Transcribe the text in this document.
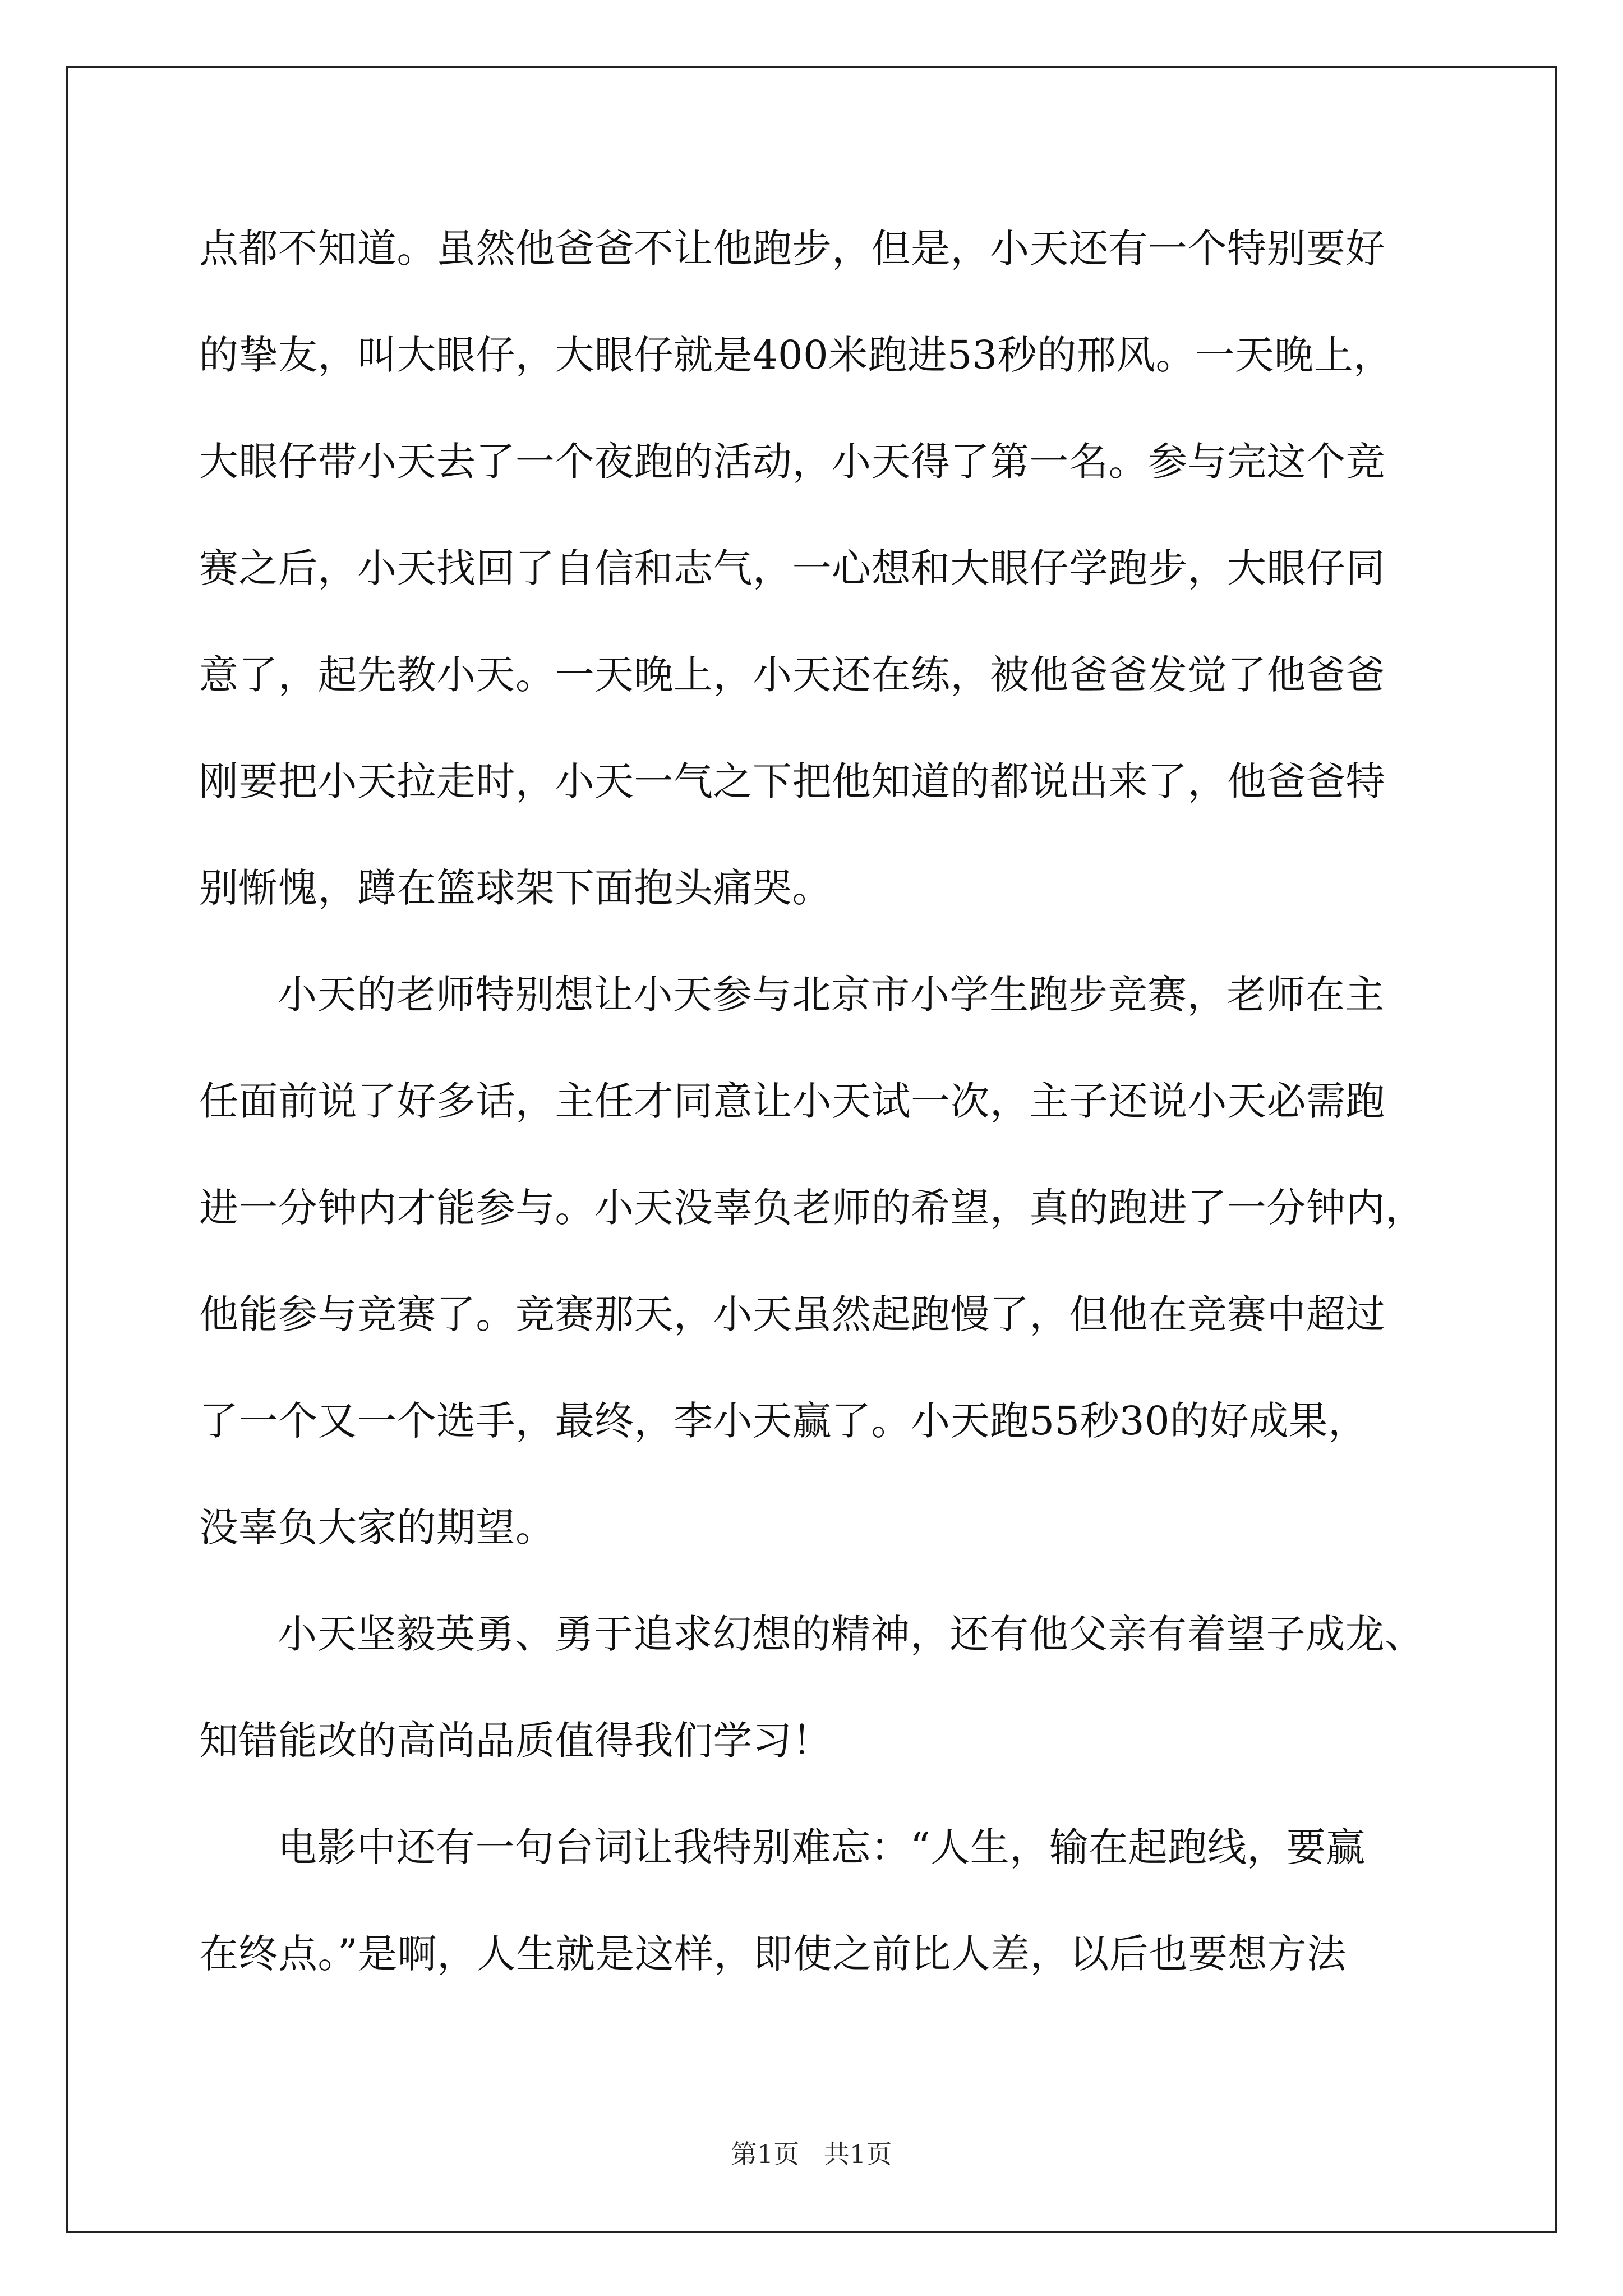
点都不知道。虽然他爸爸不让他跑步，但是，小天还有一个特别要好
的挚友，叫大眼仔，大眼仔就是400米跑进53秒的邢风。一天晚上，
大眼仔带小天去了一个夜跑的活动，小天得了第一名。参与完这个竞
赛之后，小天找回了自信和志气，一心想和大眼仔学跑步，大眼仔同
意了，起先教小天。一天晚上，小天还在练，被他爸爸发觉了他爸爸
刚要把小天拉走时，小天一气之下把他知道的都说出来了，他爸爸特
别惭愧，蹲在篮球架下面抱头痛哭。
小天的老师特别想让小天参与北京市小学生跑步竞赛，老师在主
任面前说了好多话，主任才同意让小天试一次，主子还说小天必需跑
进一分钟内才能参与。小天没辜负老师的希望，真的跑进了一分钟内，
他能参与竞赛了。竞赛那天，小天虽然起跑慢了，但他在竞赛中超过
了一个又一个选手，最终，李小天赢了。小天跑55秒30的好成果，
没辜负大家的期望。
小天坚毅英勇、勇于追求幻想的精神，还有他父亲有着望子成龙、
知错能改的高尚品质值得我们学习！
电影中还有一句台词让我特别难忘：“人生，输在起跑线，要赢
在终点。”是啊，人生就是这样，即使之前比人差，以后也要想方法
第1页   共1页
